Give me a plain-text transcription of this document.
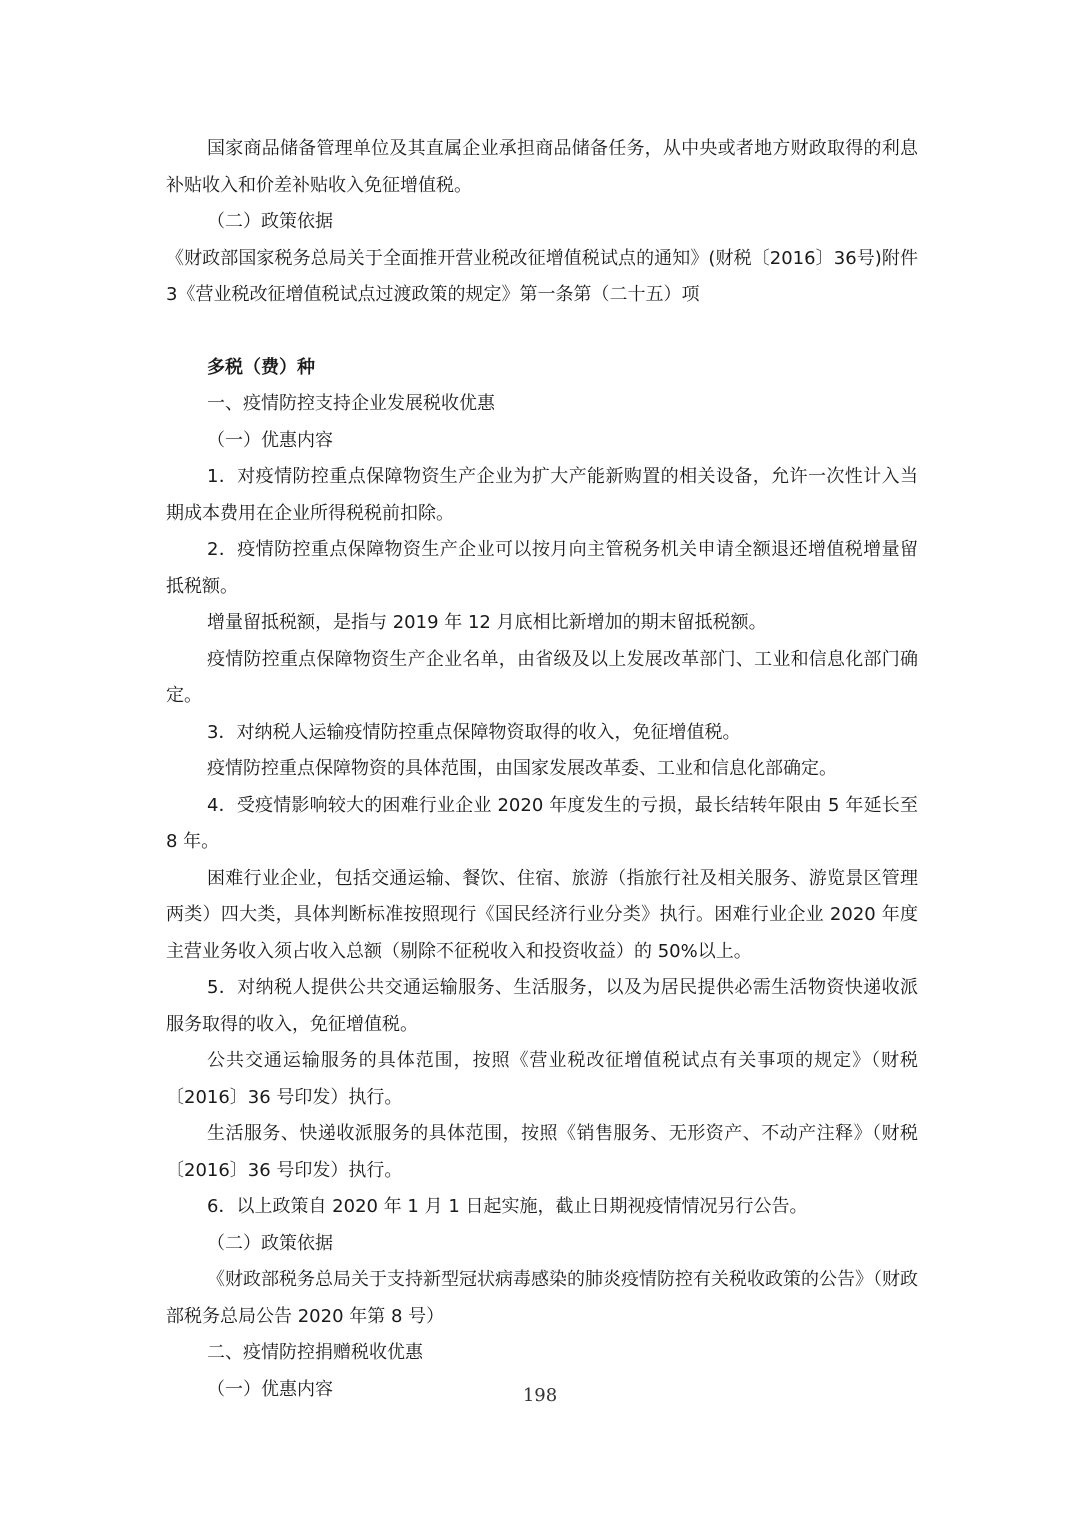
国家商品储备管理单位及其直属企业承担商品储备任务，从中央或者地方财政取得的利息补贴收入和价差补贴收入免征增值税。

（二）政策依据

《财政部国家税务总局关于全面推开营业税改征增值税试点的通知》(财税〔2016〕36号)附件3《营业税改征增值税试点过渡政策的规定》第一条第（二十五）项

多税（费）种

一、疫情防控支持企业发展税收优惠

（一）优惠内容

1．对疫情防控重点保障物资生产企业为扩大产能新购置的相关设备，允许一次性计入当期成本费用在企业所得税税前扣除。

2．疫情防控重点保障物资生产企业可以按月向主管税务机关申请全额退还增值税增量留抵税额。

增量留抵税额，是指与 2019 年 12 月底相比新增加的期末留抵税额。

疫情防控重点保障物资生产企业名单，由省级及以上发展改革部门、工业和信息化部门确定。

3．对纳税人运输疫情防控重点保障物资取得的收入，免征增值税。

疫情防控重点保障物资的具体范围，由国家发展改革委、工业和信息化部确定。

4．受疫情影响较大的困难行业企业 2020 年度发生的亏损，最长结转年限由 5 年延长至 8 年。

困难行业企业，包括交通运输、餐饮、住宿、旅游（指旅行社及相关服务、游览景区管理两类）四大类，具体判断标准按照现行《国民经济行业分类》执行。困难行业企业 2020 年度主营业务收入须占收入总额（剔除不征税收入和投资收益）的 50%以上。

5．对纳税人提供公共交通运输服务、生活服务，以及为居民提供必需生活物资快递收派服务取得的收入，免征增值税。

公共交通运输服务的具体范围，按照《营业税改征增值税试点有关事项的规定》（财税〔2016〕36 号印发）执行。

生活服务、快递收派服务的具体范围，按照《销售服务、无形资产、不动产注释》（财税〔2016〕36 号印发）执行。

6．以上政策自 2020 年 1 月 1 日起实施，截止日期视疫情情况另行公告。

（二）政策依据

《财政部税务总局关于支持新型冠状病毒感染的肺炎疫情防控有关税收政策的公告》（财政部税务总局公告 2020 年第 8 号）

二、疫情防控捐赠税收优惠

（一）优惠内容	198
